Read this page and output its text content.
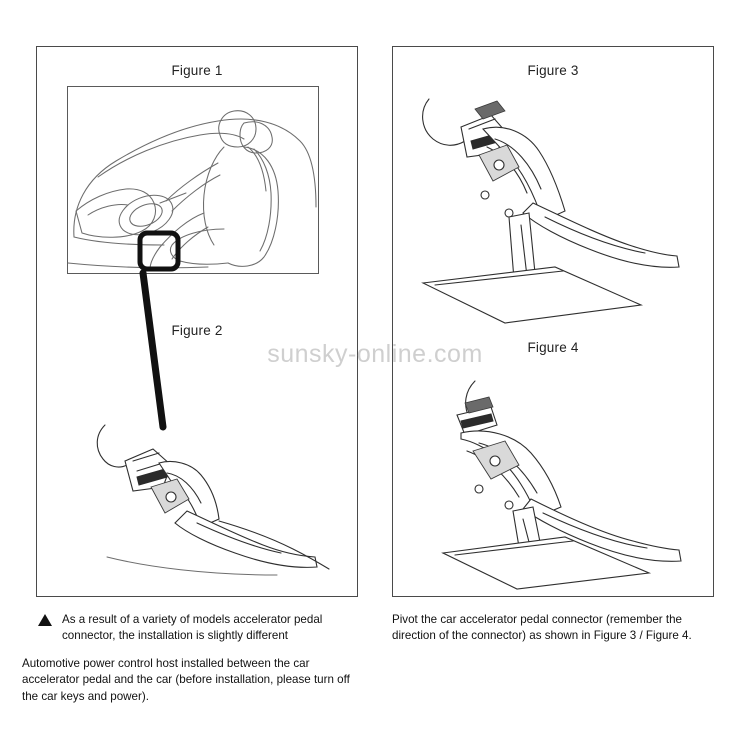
Figure 1
Figure 2
Figure 3
Figure 4
sunsky-online.com
As a result of a variety of models accelerator pedal connector, the installation is slightly different
Automotive power control host installed between the car accelerator pedal and the car (before installation, please turn off the car keys and power).
Pivot the car accelerator pedal connector (remember the direction of the connector) as shown in Figure 3 / Figure 4.
